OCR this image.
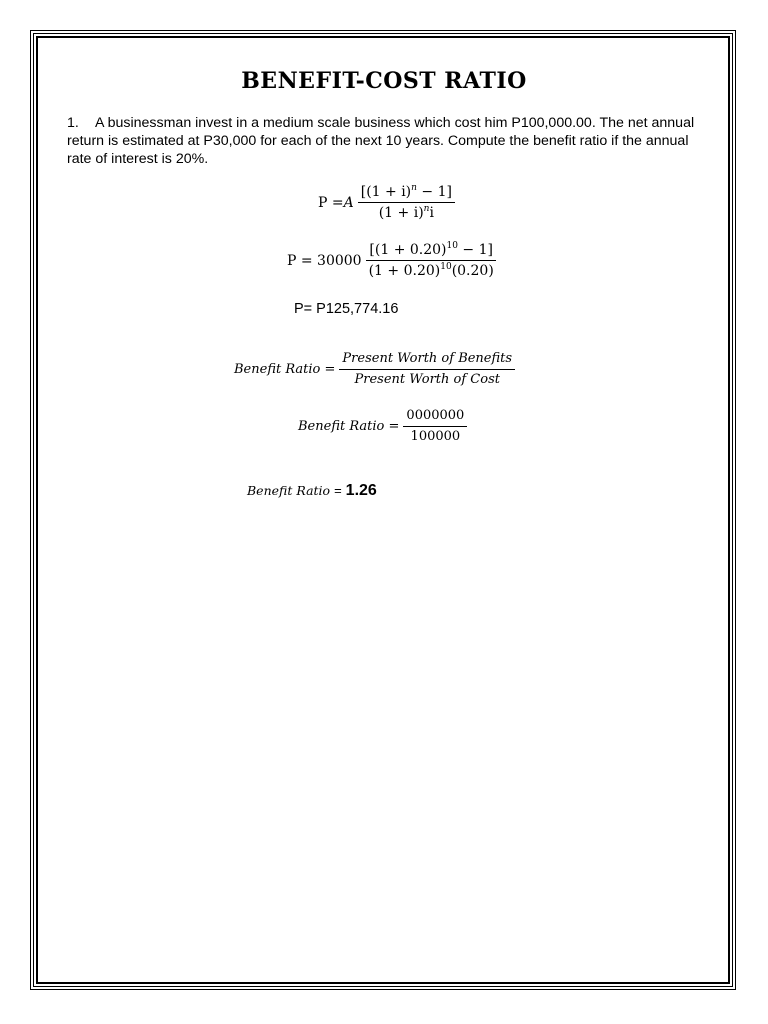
BENEFIT-COST RATIO
1. A businessman invest in a medium scale business which cost him P100,000.00. The net annual return is estimated at P30,000 for each of the next 10 years. Compute the benefit ratio if the annual rate of interest is 20%.
P = A $\frac{[(1 + i)^n - 1]}{(1 + i)^ni}$
$P = 30000 \frac{[(1 + 0.20)^{10} - 1]}{(1 + 0.20)^{10}(0.20)}$
P= P125,774.16
Benefit Ratio = $\frac{\text{Present Worth of Benefits}}{\text{Present Worth of Cost}}$
Benefit Ratio = $\frac{0000000}{100000}$
Benefit Ratio = 1.26
